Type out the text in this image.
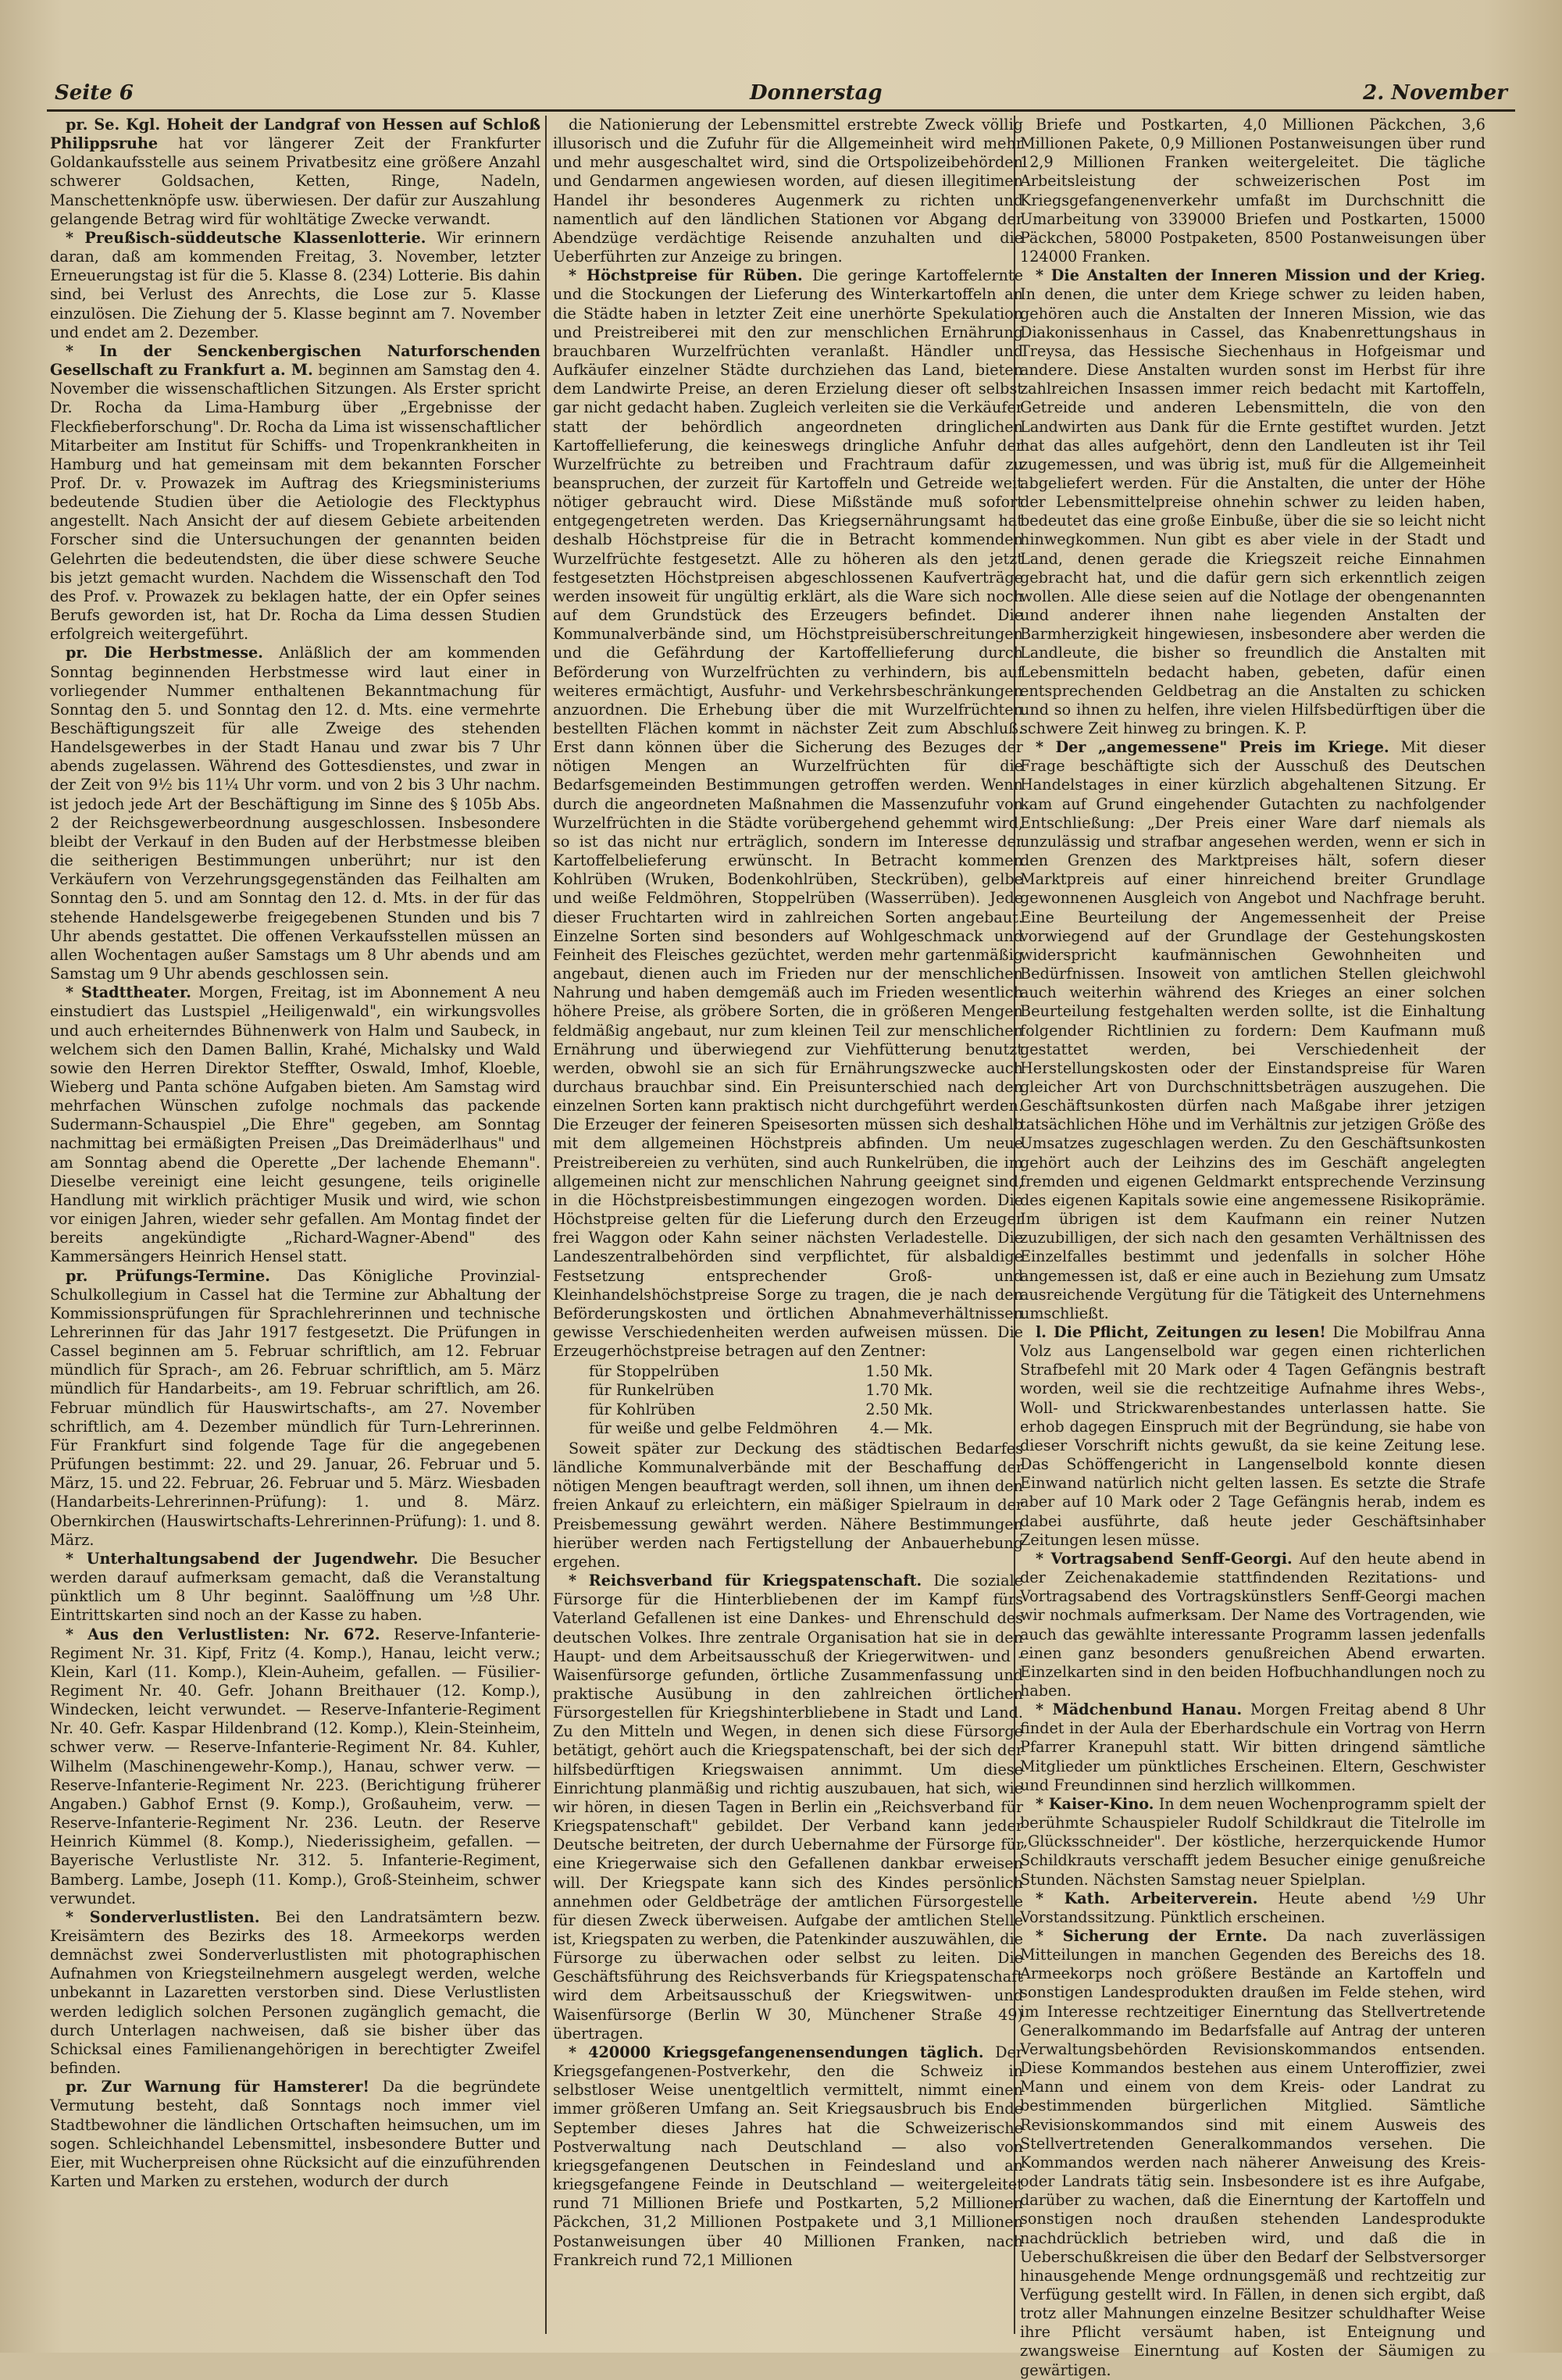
Seite 6	Donnerstag	2. November

pr. Se. Kgl. Hoheit der Landgraf von Hessen auf Schloß Philippsruhe hat vor längerer Zeit der Frankfurter Goldankaufsstelle aus seinem Privatbesitz eine größere Anzahl schwerer Goldsachen, Ketten, Ringe, Nadeln, Manschettenknöpfe usw. überwiesen. Der dafür zur Auszahlung gelangende Betrag wird für wohltätige Zwecke verwandt.

* Preußisch-süddeutsche Klassenlotterie. Wir erinnern daran, daß am kommenden Freitag, 3. November, letzter Erneuerungstag ist für die 5. Klasse 8. (234) Lotterie. Bis dahin sind, bei Verlust des Anrechts, die Lose zur 5. Klasse einzulösen. Die Ziehung der 5. Klasse beginnt am 7. November und endet am 2. Dezember.

* In der Senckenbergischen Naturforschenden Gesellschaft zu Frankfurt a. M. beginnen am Samstag den 4. November die wissenschaftlichen Sitzungen. Als Erster spricht Dr. Rocha da Lima-Hamburg über „Ergebnisse der Fleckfieberforschung". Dr. Rocha da Lima ist wissenschaftlicher Mitarbeiter am Institut für Schiffs- und Tropenkrankheiten in Hamburg und hat gemeinsam mit dem bekannten Forscher Prof. Dr. v. Prowazek im Auftrag des Kriegsministeriums bedeutende Studien über die Aetiologie des Flecktyphus angestellt. Nach Ansicht der auf diesem Gebiete arbeitenden Forscher sind die Untersuchungen der genannten beiden Gelehrten die bedeutendsten, die über diese schwere Seuche bis jetzt gemacht wurden. Nachdem die Wissenschaft den Tod des Prof. v. Prowazek zu beklagen hatte, der ein Opfer seines Berufs geworden ist, hat Dr. Rocha da Lima dessen Studien erfolgreich weitergeführt.

pr. Die Herbstmesse. Anläßlich der am kommenden Sonntag beginnenden Herbstmesse wird laut einer in vorliegender Nummer enthaltenen Bekanntmachung für Sonntag den 5. und Sonntag den 12. d. Mts. eine vermehrte Beschäftigungszeit für alle Zweige des stehenden Handelsgewerbes in der Stadt Hanau und zwar bis 7 Uhr abends zugelassen. Während des Gottesdienstes, und zwar in der Zeit von 9½ bis 11¼ Uhr vorm. und von 2 bis 3 Uhr nachm. ist jedoch jede Art der Beschäftigung im Sinne des § 105b Abs. 2 der Reichsgewerbeordnung ausgeschlossen. Insbesondere bleibt der Verkauf in den Buden auf der Herbstmesse bleiben die seitherigen Bestimmungen unberührt; nur ist den Verkäufern von Verzehrungsgegenständen das Feilhalten am Sonntag den 5. und am Sonntag den 12. d. Mts. in der für das stehende Handelsgewerbe freigegebenen Stunden und bis 7 Uhr abends gestattet. Die offenen Verkaufsstellen müssen an allen Wochentagen außer Samstags um 8 Uhr abends und am Samstag um 9 Uhr abends geschlossen sein.

* Stadttheater. Morgen, Freitag, ist im Abonnement A neu einstudiert das Lustspiel „Heiligenwald", ein wirkungsvolles und auch erheiterndes Bühnenwerk von Halm und Saubeck, in welchem sich den Damen Ballin, Krahé, Michalsky und Wald sowie den Herren Direktor Steffter, Oswald, Imhof, Kloeble, Wieberg und Panta schöne Aufgaben bieten. Am Samstag wird mehrfachen Wünschen zufolge nochmals das packende Sudermann-Schauspiel „Die Ehre" gegeben, am Sonntag nachmittag bei ermäßigten Preisen „Das Dreimäderlhaus" und am Sonntag abend die Operette „Der lachende Ehemann". Dieselbe vereinigt eine leicht gesungene, teils originelle Handlung mit wirklich prächtiger Musik und wird, wie schon vor einigen Jahren, wieder sehr gefallen. Am Montag findet der bereits angekündigte „Richard-Wagner-Abend" des Kammersängers Heinrich Hensel statt.

pr. Prüfungs-Termine. Das Königliche Provinzial-Schulkollegium in Cassel hat die Termine zur Abhaltung der Kommissionsprüfungen für Sprachlehrerinnen und technische Lehrerinnen für das Jahr 1917 festgesetzt. Die Prüfungen in Cassel beginnen am 5. Februar schriftlich, am 12. Februar mündlich für Sprach-, am 26. Februar schriftlich, am 5. März mündlich für Handarbeits-, am 19. Februar schriftlich, am 26. Februar mündlich für Hauswirtschafts-, am 27. November schriftlich, am 4. Dezember mündlich für Turn-Lehrerinnen. Für Frankfurt sind folgende Tage für die angegebenen Prüfungen bestimmt: 22. und 29. Januar, 26. Februar und 5. März, 15. und 22. Februar, 26. Februar und 5. März. Wiesbaden (Handarbeits-Lehrerinnen-Prüfung): 1. und 8. März. Obernkirchen (Hauswirtschafts-Lehrerinnen-Prüfung): 1. und 8. März.

* Unterhaltungsabend der Jugendwehr. Die Besucher werden darauf aufmerksam gemacht, daß die Veranstaltung pünktlich um 8 Uhr beginnt. Saalöffnung um ½8 Uhr. Eintrittskarten sind noch an der Kasse zu haben.

* Aus den Verlustlisten: Nr. 672. Reserve-Infanterie-Regiment Nr. 31. Kipf, Fritz (4. Komp.), Hanau, leicht verw.; Klein, Karl (11. Komp.), Klein-Auheim, gefallen. — Füsilier-Regiment Nr. 40. Gefr. Johann Breithauer (12. Komp.), Windecken, leicht verwundet. — Reserve-Infanterie-Regiment Nr. 40. Gefr. Kaspar Hildenbrand (12. Komp.), Klein-Steinheim, schwer verw. — Reserve-Infanterie-Regiment Nr. 84. Kuhler, Wilhelm (Maschinengewehr-Komp.), Hanau, schwer verw. — Reserve-Infanterie-Regiment Nr. 223. (Berichtigung früherer Angaben.) Gabhof Ernst (9. Komp.), Großauheim, verw. — Reserve-Infanterie-Regiment Nr. 236. Leutn. der Reserve Heinrich Kümmel (8. Komp.), Niederissigheim, gefallen. — Bayerische Verlustliste Nr. 312. 5. Infanterie-Regiment, Bamberg. Lambe, Joseph (11. Komp.), Groß-Steinheim, schwer verwundet.

* Sonderverlustlisten. Bei den Landratsämtern bezw. Kreisämtern des Bezirks des 18. Armeekorps werden demnächst zwei Sonderverlustlisten mit photographischen Aufnahmen von Kriegsteilnehmern ausgelegt werden, welche unbekannt in Lazaretten verstorben sind. Diese Verlustlisten werden lediglich solchen Personen zugänglich gemacht, die durch Unterlagen nachweisen, daß sie bisher über das Schicksal eines Familienangehörigen in berechtigter Zweifel befinden.

pr. Zur Warnung für Hamsterer! Da die begründete Vermutung besteht, daß Sonntags noch immer viel Stadtbewohner die ländlichen Ortschaften heimsuchen, um im sogen. Schleichhandel Lebensmittel, insbesondere Butter und Eier, mit Wucherpreisen ohne Rücksicht auf die einzuführenden Karten und Marken zu erstehen, wodurch der durch

die Nationierung der Lebensmittel erstrebte Zweck völlig illusorisch und die Zufuhr für die Allgemeinheit wird mehr und mehr ausgeschaltet wird, sind die Ortspolizeibehörden und Gendarmen angewiesen worden, auf diesen illegitimen Handel ihr besonderes Augenmerk zu richten und namentlich auf den ländlichen Stationen vor Abgang der Abendzüge verdächtige Reisende anzuhalten und die Ueberführten zur Anzeige zu bringen.

* Höchstpreise für Rüben. Die geringe Kartoffelernte und die Stockungen der Lieferung des Winterkartoffeln an die Städte haben in letzter Zeit eine unerhörte Spekulation und Preistreiberei mit den zur menschlichen Ernährung brauchbaren Wurzelfrüchten veranlaßt. Händler und Aufkäufer einzelner Städte durchziehen das Land, bieten dem Landwirte Preise, an deren Erzielung dieser oft selbst gar nicht gedacht haben. Zugleich verleiten sie die Verkäufer statt der behördlich angeordneten dringlichen Kartoffellieferung, die keineswegs dringliche Anfuhr der Wurzelfrüchte zu betreiben und Frachtraum dafür zu beanspruchen, der zurzeit für Kartoffeln und Getreide weit nötiger gebraucht wird. Diese Mißstände muß sofort entgegengetreten werden. Das Kriegsernährungsamt hat deshalb Höchstpreise für die in Betracht kommenden Wurzelfrüchte festgesetzt. Alle zu höheren als den jetzt festgesetzten Höchstpreisen abgeschlossenen Kaufverträge werden insoweit für ungültig erklärt, als die Ware sich noch auf dem Grundstück des Erzeugers befindet. Die Kommunalverbände sind, um Höchstpreisüberschreitungen und die Gefährdung der Kartoffellieferung durch Beförderung von Wurzelfrüchten zu verhindern, bis auf weiteres ermächtigt, Ausfuhr- und Verkehrsbeschränkungen anzuordnen. Die Erhebung über die mit Wurzelfrüchten bestellten Flächen kommt in nächster Zeit zum Abschluß. Erst dann können über die Sicherung des Bezuges der nötigen Mengen an Wurzelfrüchten für die Bedarfsgemeinden Bestimmungen getroffen werden. Wenn durch die angeordneten Maßnahmen die Massenzufuhr von Wurzelfrüchten in die Städte vorübergehend gehemmt wird, so ist das nicht nur erträglich, sondern im Interesse der Kartoffelbelieferung erwünscht. In Betracht kommen Kohlrüben (Wruken, Bodenkohlrüben, Steckrüben), gelbe und weiße Feldmöhren, Stoppelrüben (Wasserrüben). Jede dieser Fruchtarten wird in zahlreichen Sorten angebaut. Einzelne Sorten sind besonders auf Wohlgeschmack und Feinheit des Fleisches gezüchtet, werden mehr gartenmäßig angebaut, dienen auch im Frieden nur der menschlichen Nahrung und haben demgemäß auch im Frieden wesentlich höhere Preise, als gröbere Sorten, die in größeren Mengen feldmäßig angebaut, nur zum kleinen Teil zur menschlichen Ernährung und überwiegend zur Viehfütterung benutzt werden, obwohl sie an sich für Ernährungszwecke auch durchaus brauchbar sind. Ein Preisunterschied nach den einzelnen Sorten kann praktisch nicht durchgeführt werden. Die Erzeuger der feineren Speisesorten müssen sich deshalb mit dem allgemeinen Höchstpreis abfinden. Um neue Preistreibereien zu verhüten, sind auch Runkelrüben, die im allgemeinen nicht zur menschlichen Nahrung geeignet sind, in die Höchstpreisbestimmungen eingezogen worden. Die Höchstpreise gelten für die Lieferung durch den Erzeuger frei Waggon oder Kahn seiner nächsten Verladestelle. Die Landeszentralbehörden sind verpflichtet, für alsbaldige Festsetzung entsprechender Groß- und Kleinhandelshöchstpreise Sorge zu tragen, die je nach den Beförderungskosten und örtlichen Abnahmeverhältnissen gewisse Verschiedenheiten werden aufweisen müssen. Die Erzeugerhöchstpreise betragen auf den Zentner:

für Stoppelrüben	1.50 Mk.
für Runkelrüben	1.70 Mk.
für Kohlrüben	2.50 Mk.
für weiße und gelbe Feldmöhren	4.— Mk.

Soweit später zur Deckung des städtischen Bedarfes ländliche Kommunalverbände mit der Beschaffung der nötigen Mengen beauftragt werden, soll ihnen, um ihnen den freien Ankauf zu erleichtern, ein mäßiger Spielraum in der Preisbemessung gewährt werden. Nähere Bestimmungen hierüber werden nach Fertigstellung der Anbauerhebung ergehen.

* Reichsverband für Kriegspatenschaft. Die soziale Fürsorge für die Hinterbliebenen der im Kampf fürs Vaterland Gefallenen ist eine Dankes- und Ehrenschuld des deutschen Volkes. Ihre zentrale Organisation hat sie in den Haupt- und dem Arbeitsausschuß der Kriegerwitwen- und -Waisenfürsorge gefunden, örtliche Zusammenfassung und praktische Ausübung in den zahlreichen örtlichen Fürsorgestellen für Kriegshinterbliebene in Stadt und Land. Zu den Mitteln und Wegen, in denen sich diese Fürsorge betätigt, gehört auch die Kriegspatenschaft, bei der sich der hilfsbedürftigen Kriegswaisen annimmt. Um diese Einrichtung planmäßig und richtig auszubauen, hat sich, wie wir hören, in diesen Tagen in Berlin ein „Reichsverband für Kriegspatenschaft" gebildet. Der Verband kann jeder Deutsche beitreten, der durch Uebernahme der Fürsorge für eine Kriegerwaise sich den Gefallenen dankbar erweisen will. Der Kriegspate kann sich des Kindes persönlich annehmen oder Geldbeträge der amtlichen Fürsorgestelle für diesen Zweck überweisen. Aufgabe der amtlichen Stelle ist, Kriegspaten zu werben, die Patenkinder auszuwählen, die Fürsorge zu überwachen oder selbst zu leiten. Die Geschäftsführung des Reichsverbands für Kriegspatenschaft wird dem Arbeitsausschuß der Kriegswitwen- und Waisenfürsorge (Berlin W 30, Münchener Straße 49) übertragen.

* 420000 Kriegsgefangenensendungen täglich. Der Kriegsgefangenen-Postverkehr, den die Schweiz in selbstloser Weise unentgeltlich vermittelt, nimmt einen immer größeren Umfang an. Seit Kriegsausbruch bis Ende September dieses Jahres hat die Schweizerische Postverwaltung nach Deutschland — also von kriegsgefangenen Deutschen in Feindesland und an kriegsgefangene Feinde in Deutschland — weitergeleitet rund 71 Millionen Briefe und Postkarten, 5,2 Millionen Päckchen, 31,2 Millionen Postpakete und 3,1 Millionen Postanweisungen über 40 Millionen Franken, nach Frankreich rund 72,1 Millionen

Briefe und Postkarten, 4,0 Millionen Päckchen, 3,6 Millionen Pakete, 0,9 Millionen Postanweisungen über rund 12,9 Millionen Franken weitergeleitet. Die tägliche Arbeitsleistung der schweizerischen Post im Kriegsgefangenenverkehr umfaßt im Durchschnitt die Umarbeitung von 339000 Briefen und Postkarten, 15000 Päckchen, 58000 Postpaketen, 8500 Postanweisungen über 124000 Franken.

* Die Anstalten der Inneren Mission und der Krieg. In denen, die unter dem Kriege schwer zu leiden haben, gehören auch die Anstalten der Inneren Mission, wie das Diakonissenhaus in Cassel, das Knabenrettungshaus in Treysa, das Hessische Siechenhaus in Hofgeismar und andere. Diese Anstalten wurden sonst im Herbst für ihre zahlreichen Insassen immer reich bedacht mit Kartoffeln, Getreide und anderen Lebensmitteln, die von den Landwirten aus Dank für die Ernte gestiftet wurden. Jetzt hat das alles aufgehört, denn den Landleuten ist ihr Teil zugemessen, und was übrig ist, muß für die Allgemeinheit abgeliefert werden. Für die Anstalten, die unter der Höhe der Lebensmittelpreise ohnehin schwer zu leiden haben, bedeutet das eine große Einbuße, über die sie so leicht nicht hinwegkommen. Nun gibt es aber viele in der Stadt und Land, denen gerade die Kriegszeit reiche Einnahmen gebracht hat, und die dafür gern sich erkenntlich zeigen wollen. Alle diese seien auf die Notlage der obengenannten und anderer ihnen nahe liegenden Anstalten der Barmherzigkeit hingewiesen, insbesondere aber werden die Landleute, die bisher so freundlich die Anstalten mit Lebensmitteln bedacht haben, gebeten, dafür einen entsprechenden Geldbetrag an die Anstalten zu schicken und so ihnen zu helfen, ihre vielen Hilfsbedürftigen über die schwere Zeit hinweg zu bringen. K. P.

* Der „angemessene" Preis im Kriege. Mit dieser Frage beschäftigte sich der Ausschuß des Deutschen Handelstages in einer kürzlich abgehaltenen Sitzung. Er kam auf Grund eingehender Gutachten zu nachfolgender Entschließung: „Der Preis einer Ware darf niemals als unzulässig und strafbar angesehen werden, wenn er sich in den Grenzen des Marktpreises hält, sofern dieser Marktpreis auf einer hinreichend breiter Grundlage gewonnenen Ausgleich von Angebot und Nachfrage beruht. Eine Beurteilung der Angemessenheit der Preise vorwiegend auf der Grundlage der Gestehungskosten widerspricht kaufmännischen Gewohnheiten und Bedürfnissen. Insoweit von amtlichen Stellen gleichwohl auch weiterhin während des Krieges an einer solchen Beurteilung festgehalten werden sollte, ist die Einhaltung folgender Richtlinien zu fordern: Dem Kaufmann muß gestattet werden, bei Verschiedenheit der Herstellungskosten oder der Einstandspreise für Waren gleicher Art von Durchschnittsbeträgen auszugehen. Die Geschäftsunkosten dürfen nach Maßgabe ihrer jetzigen tatsächlichen Höhe und im Verhältnis zur jetzigen Größe des Umsatzes zugeschlagen werden. Zu den Geschäftsunkosten gehört auch der Leihzins des im Geschäft angelegten fremden und eigenen Geldmarkt entsprechende Verzinsung des eigenen Kapitals sowie eine angemessene Risikoprämie. Im übrigen ist dem Kaufmann ein reiner Nutzen zuzubilligen, der sich nach den gesamten Verhältnissen des Einzelfalles bestimmt und jedenfalls in solcher Höhe angemessen ist, daß er eine auch in Beziehung zum Umsatz ausreichende Vergütung für die Tätigkeit des Unternehmens umschließt.

l. Die Pflicht, Zeitungen zu lesen! Die Mobilfrau Anna Volz aus Langenselbold war gegen einen richterlichen Strafbefehl mit 20 Mark oder 4 Tagen Gefängnis bestraft worden, weil sie die rechtzeitige Aufnahme ihres Webs-, Woll- und Strickwarenbestandes unterlassen hatte. Sie erhob dagegen Einspruch mit der Begründung, sie habe von dieser Vorschrift nichts gewußt, da sie keine Zeitung lese. Das Schöffengericht in Langenselbold konnte diesen Einwand natürlich nicht gelten lassen. Es setzte die Strafe aber auf 10 Mark oder 2 Tage Gefängnis herab, indem es dabei ausführte, daß heute jeder Geschäftsinhaber Zeitungen lesen müsse.

* Vortragsabend Senff-Georgi. Auf den heute abend in der Zeichenakademie stattfindenden Rezitations- und Vortragsabend des Vortragskünstlers Senff-Georgi machen wir nochmals aufmerksam. Der Name des Vortragenden, wie auch das gewählte interessante Programm lassen jedenfalls einen ganz besonders genußreichen Abend erwarten. Einzelkarten sind in den beiden Hofbuchhandlungen noch zu haben.

* Mädchenbund Hanau. Morgen Freitag abend 8 Uhr findet in der Aula der Eberhardschule ein Vortrag von Herrn Pfarrer Kranepuhl statt. Wir bitten dringend sämtliche Mitglieder um pünktliches Erscheinen. Eltern, Geschwister und Freundinnen sind herzlich willkommen.

* Kaiser-Kino. In dem neuen Wochenprogramm spielt der berühmte Schauspieler Rudolf Schildkraut die Titelrolle im „Glücksschneider". Der köstliche, herzerquickende Humor Schildkrauts verschafft jedem Besucher einige genußreiche Stunden. Nächsten Samstag neuer Spielplan.

* Kath. Arbeiterverein. Heute abend ½9 Uhr Vorstandssitzung. Pünktlich erscheinen.

* Sicherung der Ernte. Da nach zuverlässigen Mitteilungen in manchen Gegenden des Bereichs des 18. Armeekorps noch größere Bestände an Kartoffeln und sonstigen Landesprodukten draußen im Felde stehen, wird im Interesse rechtzeitiger Einerntung das Stellvertretende Generalkommando im Bedarfsfalle auf Antrag der unteren Verwaltungsbehörden Revisionskommandos entsenden. Diese Kommandos bestehen aus einem Unteroffizier, zwei Mann und einem von dem Kreis- oder Landrat zu bestimmenden bürgerlichen Mitglied. Sämtliche Revisionskommandos sind mit einem Ausweis des Stellvertretenden Generalkommandos versehen. Die Kommandos werden nach näherer Anweisung des Kreis- oder Landrats tätig sein. Insbesondere ist es ihre Aufgabe, darüber zu wachen, daß die Einerntung der Kartoffeln und sonstigen noch draußen stehenden Landesprodukte nachdrücklich betrieben wird, und daß die in Ueberschußkreisen die über den Bedarf der Selbstversorger hinausgehende Menge ordnungsgemäß und rechtzeitig zur Verfügung gestellt wird. In Fällen, in denen sich ergibt, daß trotz aller Mahnungen einzelne Besitzer schuldhafter Weise ihre Pflicht versäumt haben, ist Enteignung und zwangsweise Einerntung auf Kosten der Säumigen zu gewärtigen.
